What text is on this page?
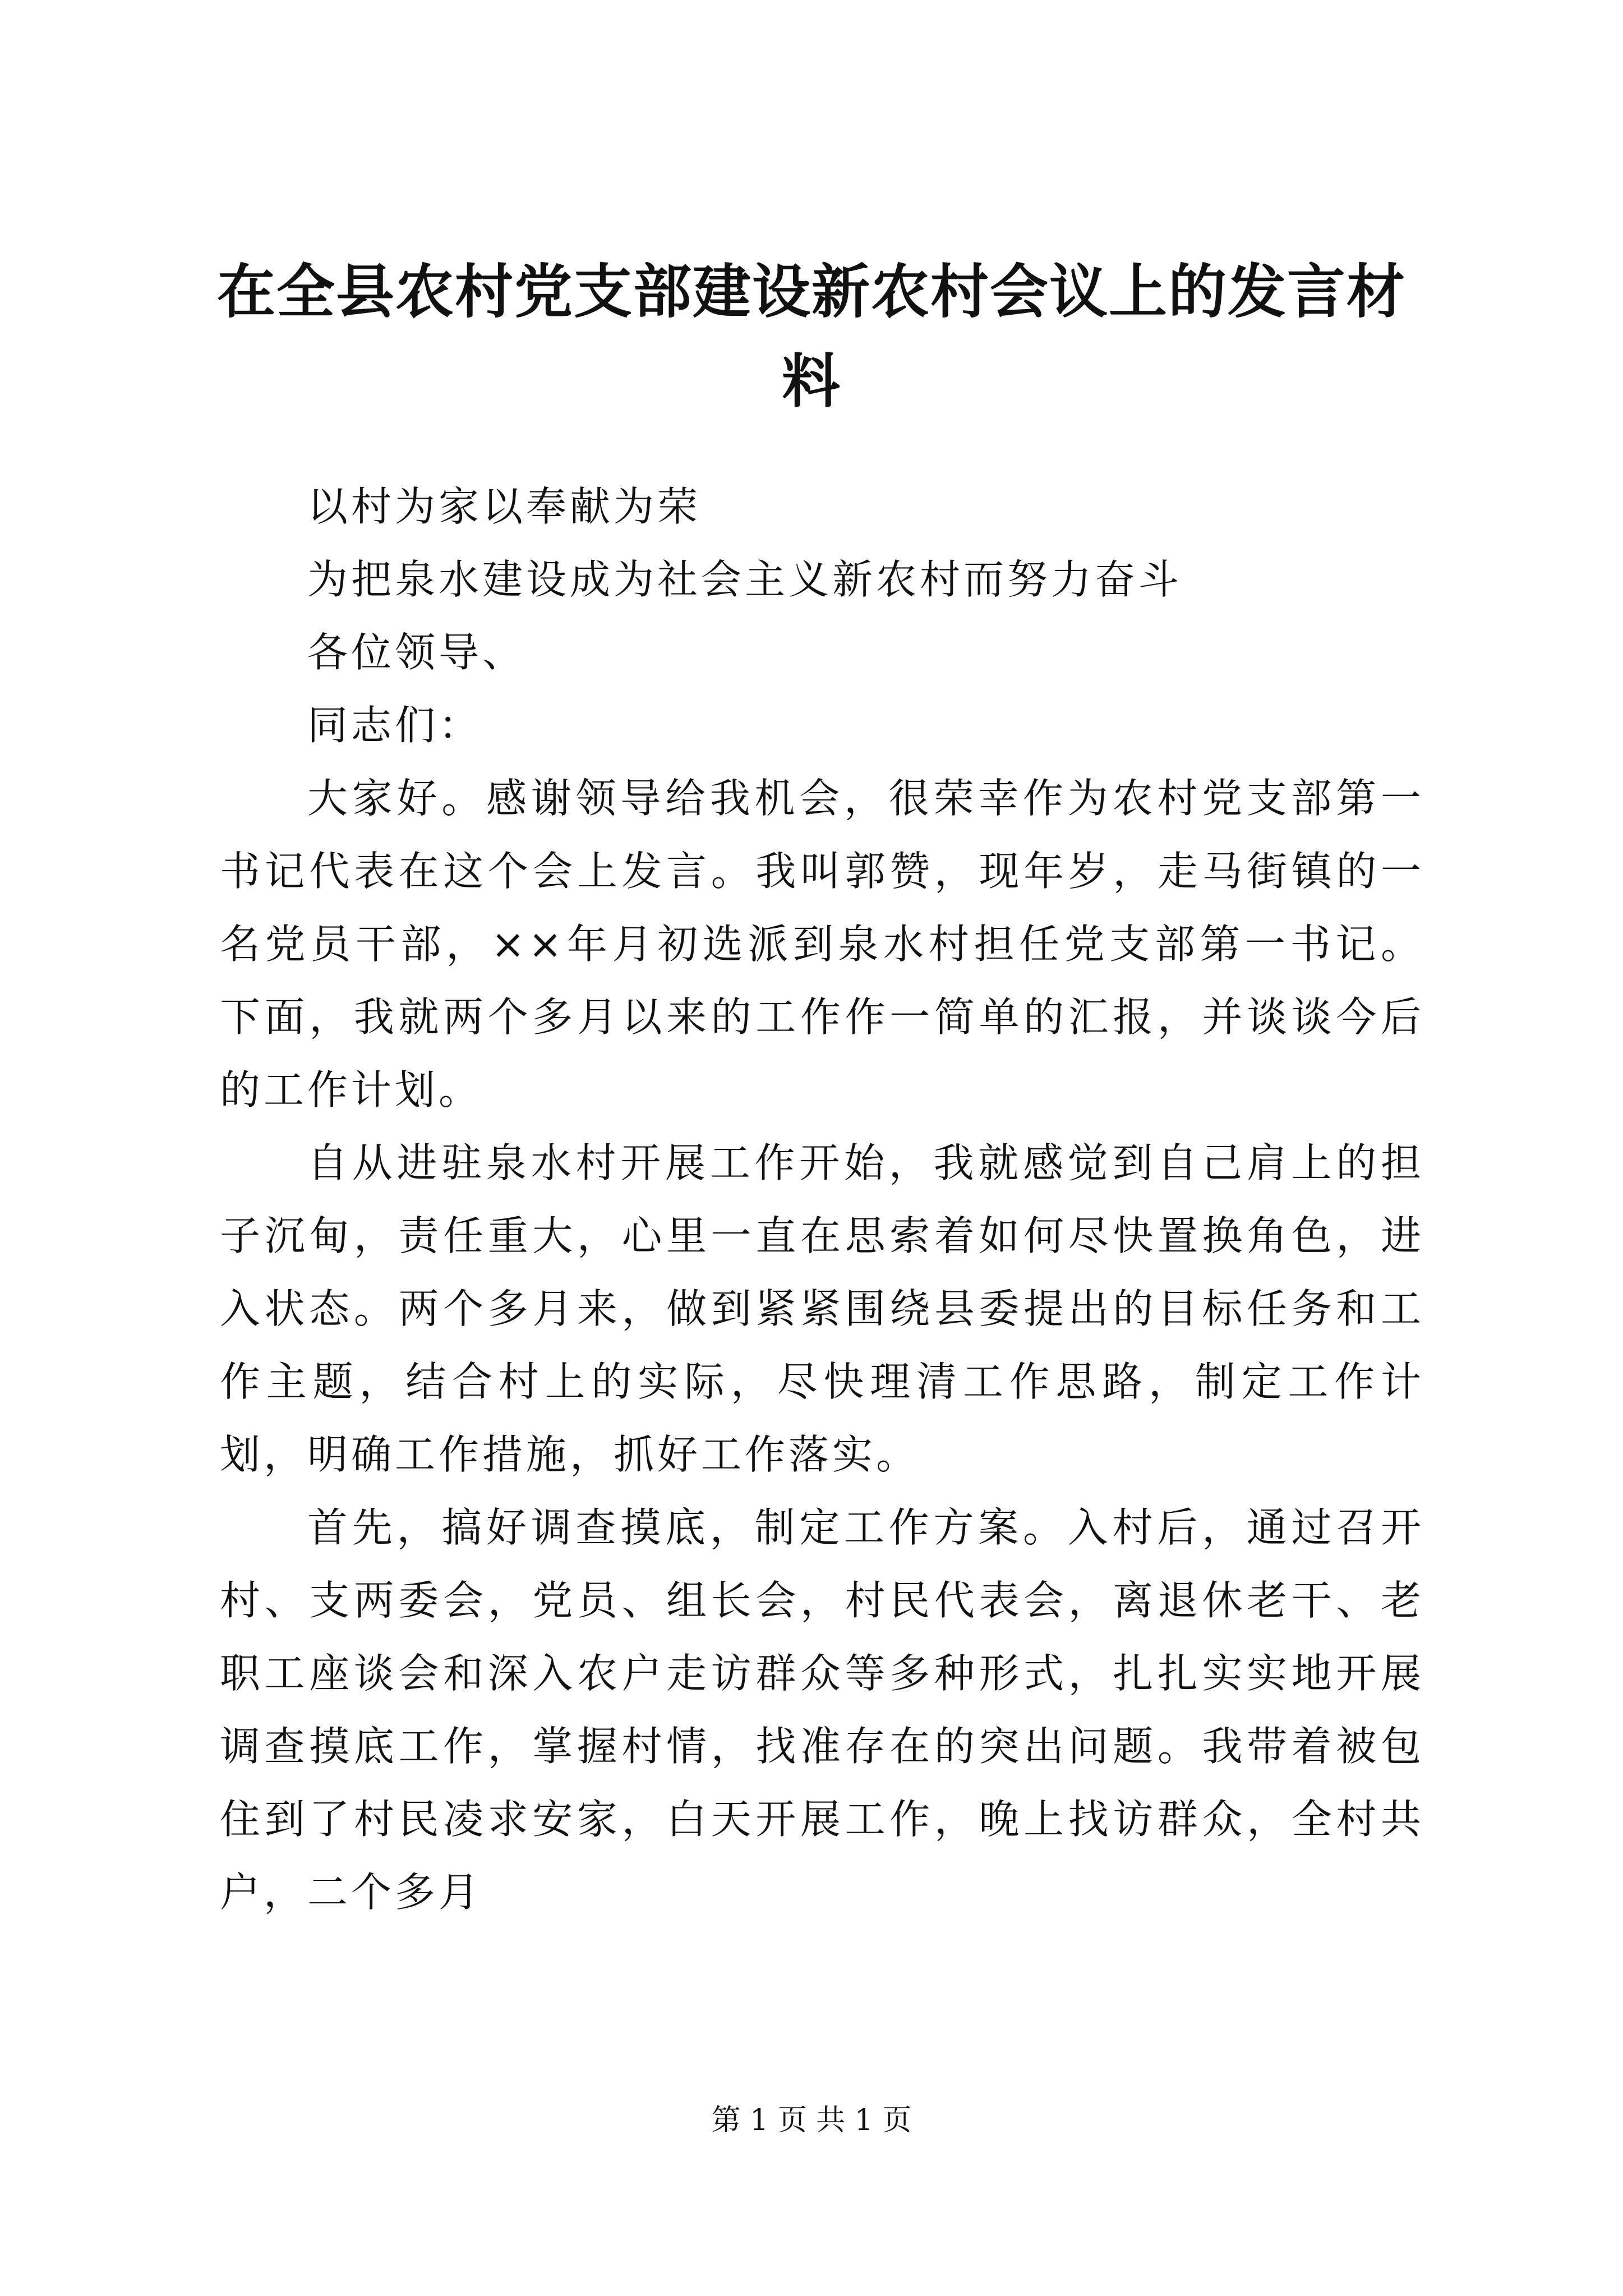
在全县农村党支部建设新农村会议上的发言材料

以村为家以奉献为荣

为把泉水建设成为社会主义新农村而努力奋斗

各位领导、

同志们：

大家好。感谢领导给我机会，很荣幸作为农村党支部第一书记代表在这个会上发言。我叫郭赞，现年岁，走马街镇的一名党员干部，××年月初选派到泉水村担任党支部第一书记。下面，我就两个多月以来的工作作一简单的汇报，并谈谈今后的工作计划。

自从进驻泉水村开展工作开始，我就感觉到自己肩上的担子沉甸，责任重大，心里一直在思索着如何尽快置换角色，进入状态。两个多月来，做到紧紧围绕县委提出的目标任务和工作主题，结合村上的实际，尽快理清工作思路，制定工作计划，明确工作措施，抓好工作落实。

首先，搞好调查摸底，制定工作方案。入村后，通过召开村、支两委会，党员、组长会，村民代表会，离退休老干、老职工座谈会和深入农户走访群众等多种形式，扎扎实实地开展调查摸底工作，掌握村情，找准存在的突出问题。我带着被包住到了村民凌求安家，白天开展工作，晚上找访群众，全村共户，二个多月

第 1 页 共 1 页
